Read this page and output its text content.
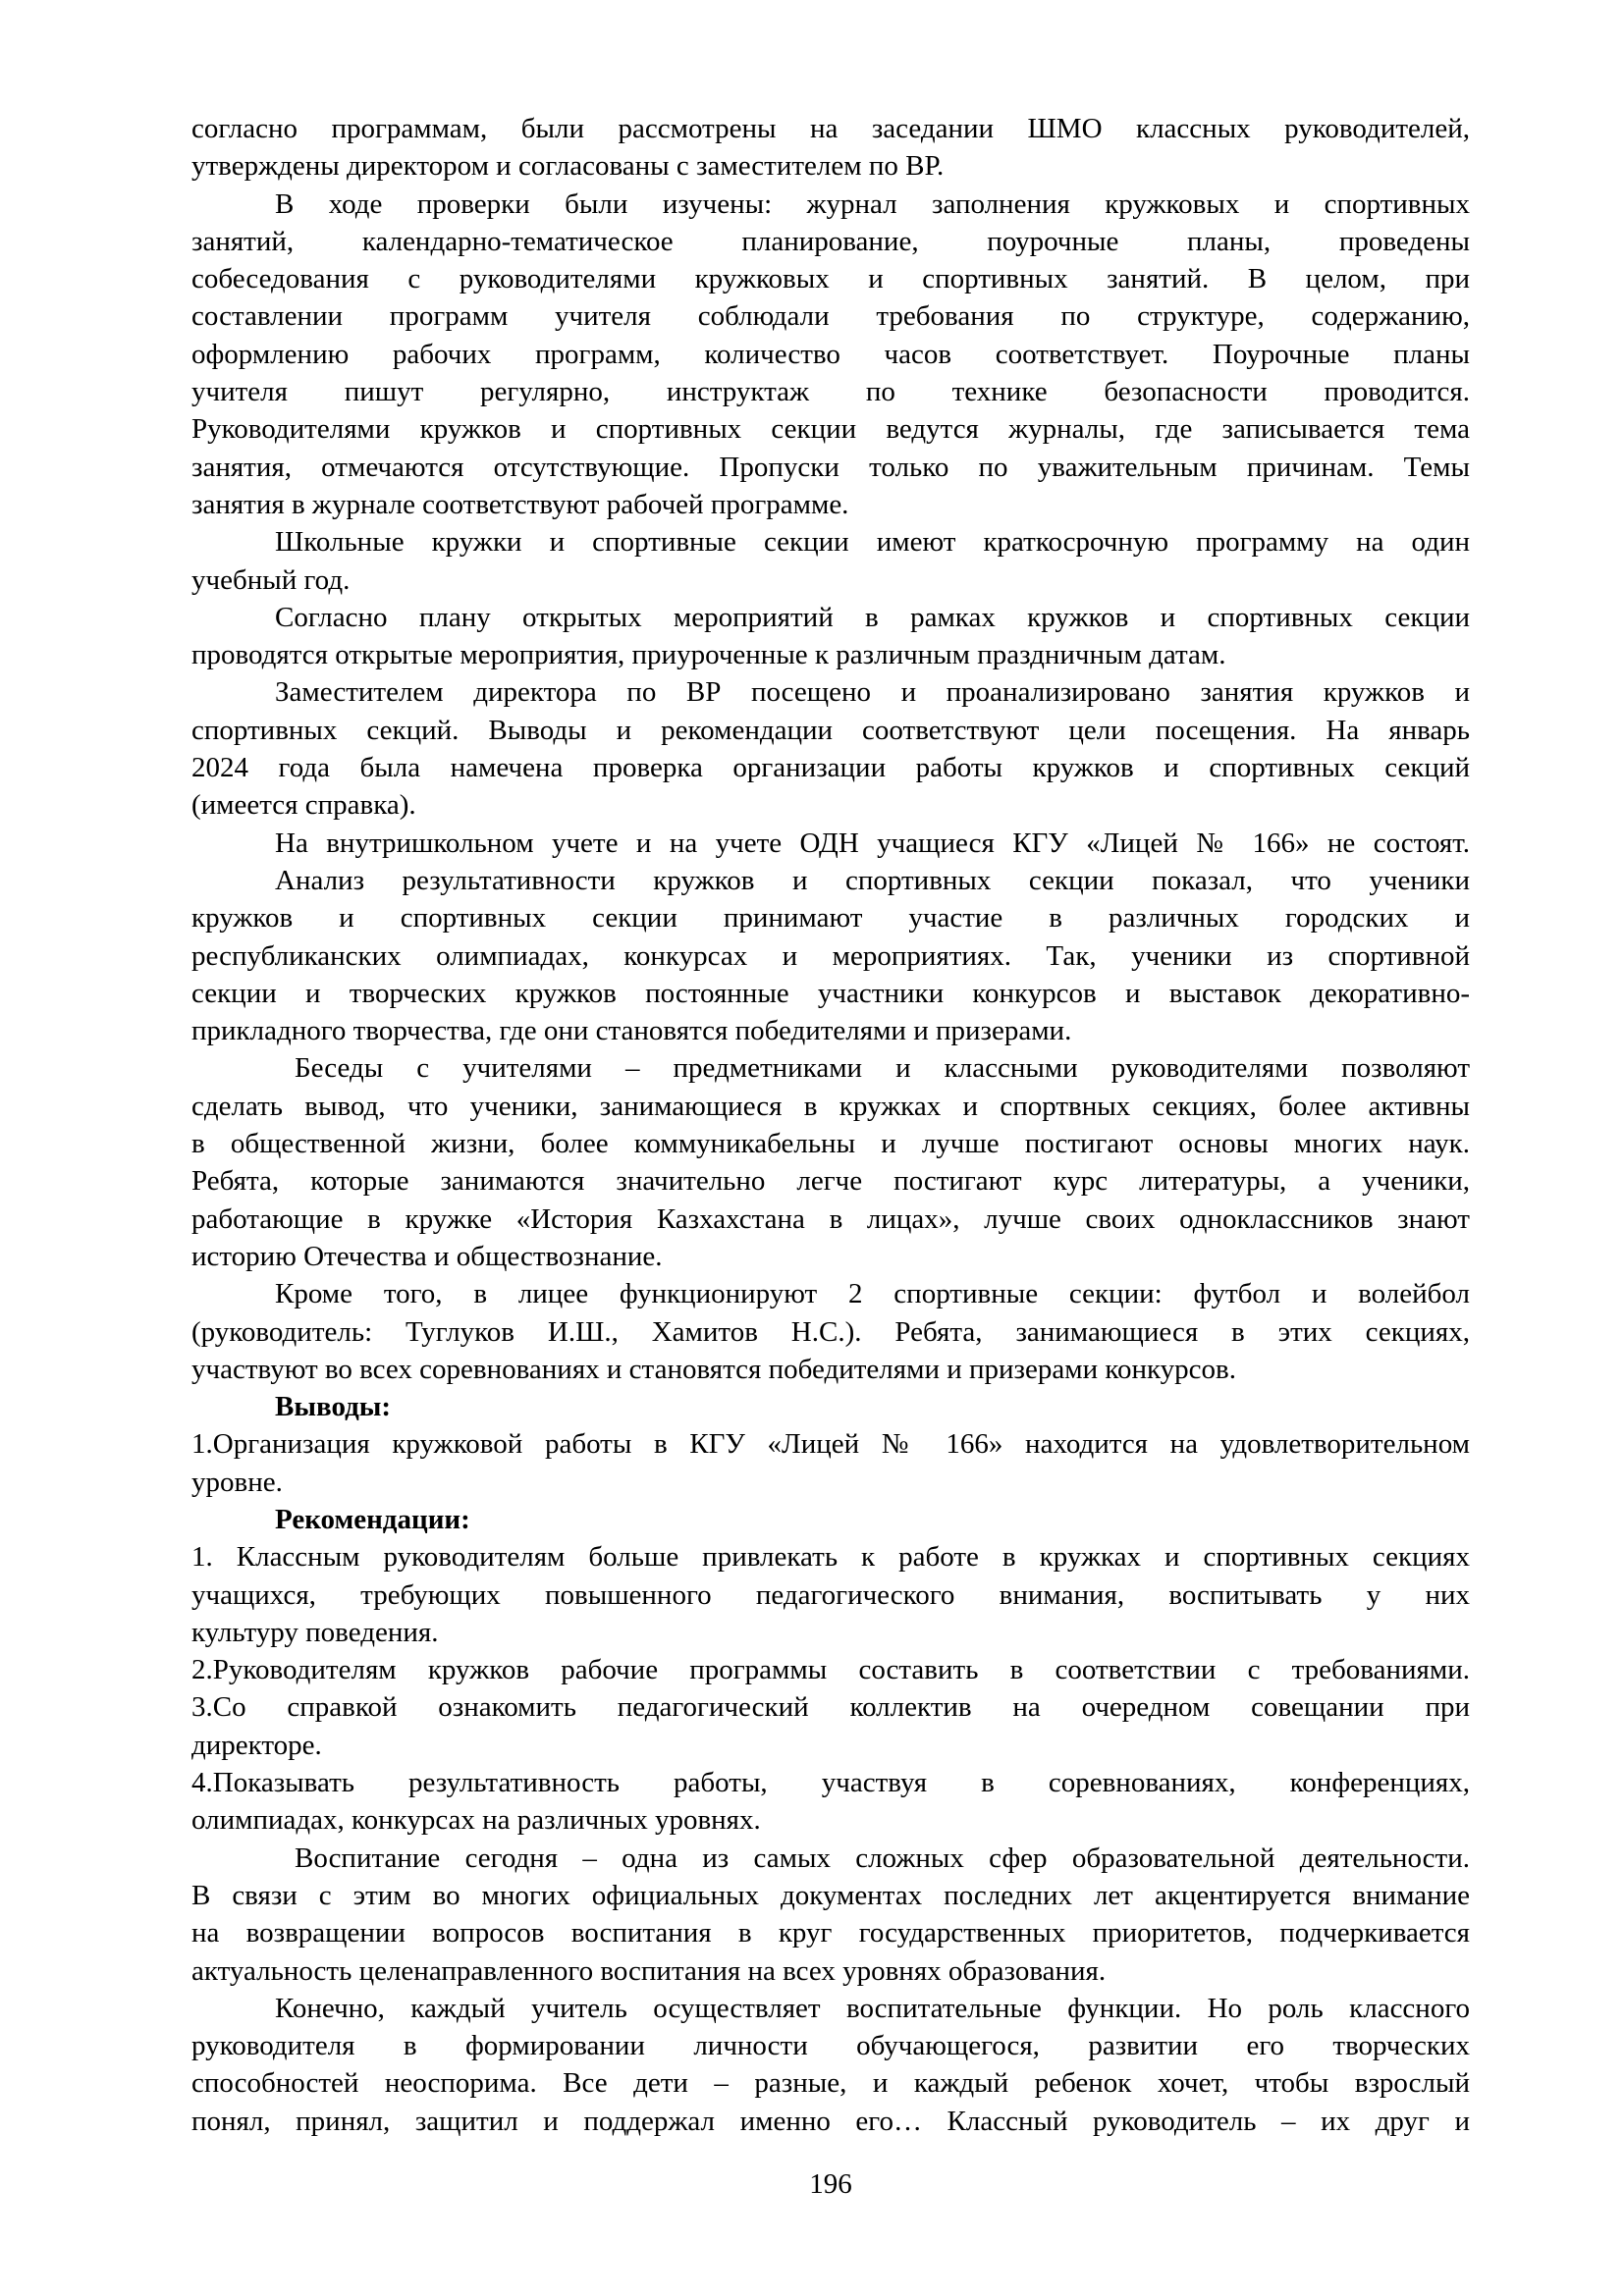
согласно программам, были рассмотрены на заседании ШМО классных руководителей,
утверждены директором и согласованы с заместителем по ВР.
В ходе проверки были изучены: журнал заполнения кружковых и спортивных
занятий, календарно-тематическое планирование, поурочные планы, проведены
собеседования с руководителями кружковых и спортивных занятий. В целом, при
составлении программ учителя соблюдали требования по структуре, содержанию,
оформлению рабочих программ, количество часов соответствует. Поурочные планы
учителя пишут регулярно, инструктаж по технике безопасности проводится.
Руководителями кружков и спортивных секции ведутся журналы, где записывается тема
занятия, отмечаются отсутствующие. Пропуски только по уважительным причинам. Темы
занятия в журнале соответствуют рабочей программе.
Школьные кружки и спортивные секции имеют краткосрочную программу на один
учебный год.
Согласно плану открытых мероприятий в рамках кружков и спортивных секции
проводятся открытые мероприятия, приуроченные к различным праздничным датам.
Заместителем директора по ВР посещено и проанализировано занятия кружков и
спортивных секций. Выводы и рекомендации соответствуют цели посещения. На январь
2024 года была намечена проверка организации работы кружков и спортивных секций
(имеется справка).
На внутришкольном учете и на учете ОДН учащиеся КГУ «Лицей № 166» не состоят.
Анализ результативности кружков и спортивных секции показал, что ученики
кружков и спортивных секции принимают участие в различных городских и
республиканских олимпиадах, конкурсах и мероприятиях. Так, ученики из спортивной
секции и творческих кружков постоянные участники конкурсов и выставок декоративно-
прикладного творчества, где они становятся победителями и призерами.
Беседы с учителями – предметниками и классными руководителями позволяют
сделать вывод, что ученики, занимающиеся в кружках и спортвных секциях, более активны
в общественной жизни, более коммуникабельны и лучше постигают основы многих наук.
Ребята, которые занимаются значительно легче постигают курс литературы, а ученики,
работающие в кружке «История Казхахстана в лицах», лучше своих одноклассников знают
историю Отечества и обществознание.
Кроме того, в лицее функционируют 2 спортивные секции: футбол и волейбол
(руководитель: Туглуков И.Ш., Хамитов Н.С.). Ребята, занимающиеся в этих секциях,
участвуют во всех соревнованиях и становятся победителями и призерами конкурсов.
Выводы:
1.Организация кружковой работы в КГУ «Лицей № 166» находится на удовлетворительном
уровне.
Рекомендации:
1. Классным руководителям больше привлекать к работе в кружках и спортивных секциях
учащихся, требующих повышенного педагогического внимания, воспитывать у них
культуру поведения.
2.Руководителям кружков рабочие программы составить в соответствии с требованиями.
3.Со справкой ознакомить педагогический коллектив на очередном совещании при
директоре.
4.Показывать результативность работы, участвуя в соревнованиях, конференциях,
олимпиадах, конкурсах на различных уровнях.
Воспитание сегодня – одна из самых сложных сфер образовательной деятельности.
В связи с этим во многих официальных документах последних лет акцентируется внимание
на возвращении вопросов воспитания в круг государственных приоритетов, подчеркивается
актуальность целенаправленного воспитания на всех уровнях образования.
Конечно, каждый учитель осуществляет воспитательные функции. Но роль классного
руководителя в формировании личности обучающегося, развитии его творческих
способностей неоспорима. Все дети – разные, и каждый ребенок хочет, чтобы взрослый
понял, принял, защитил и поддержал именно его… Классный руководитель – их друг и
196
